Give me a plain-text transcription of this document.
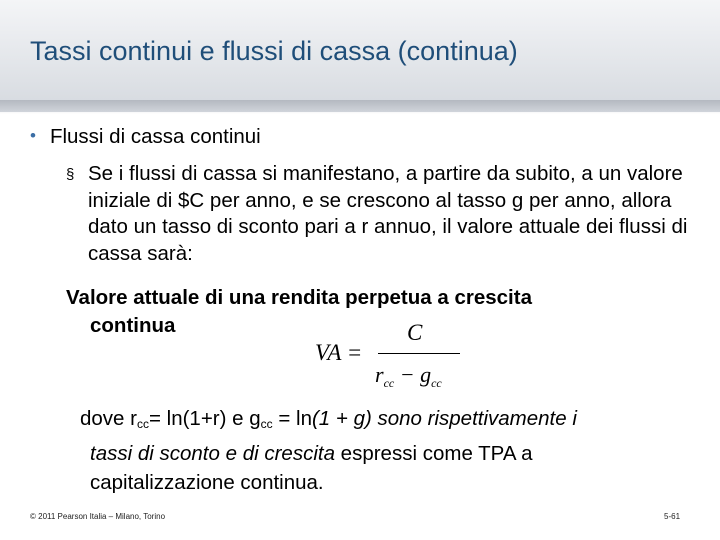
Tassi continui e flussi di cassa (continua)
• Flussi di cassa continui
§ Se i flussi di cassa si manifestano, a partire da subito, a un valore iniziale di $C per anno, e se crescono al tasso g per anno, allora dato un tasso di sconto pari a r annuo, il valore attuale dei flussi di cassa sarà:
Valore attuale di una rendita perpetua a crescita
continua
VA =
C
$r_{cc} - g_{cc}$
dove $r_{cc}= \ln(1+r)$ e $g_{cc} = \ln(1 + g)$ sono rispettivamente i
tassi di sconto e di crescita espressi come TPA a
capitalizzazione continua.
© 2011 Pearson Italia – Milano, Torino	5-61
